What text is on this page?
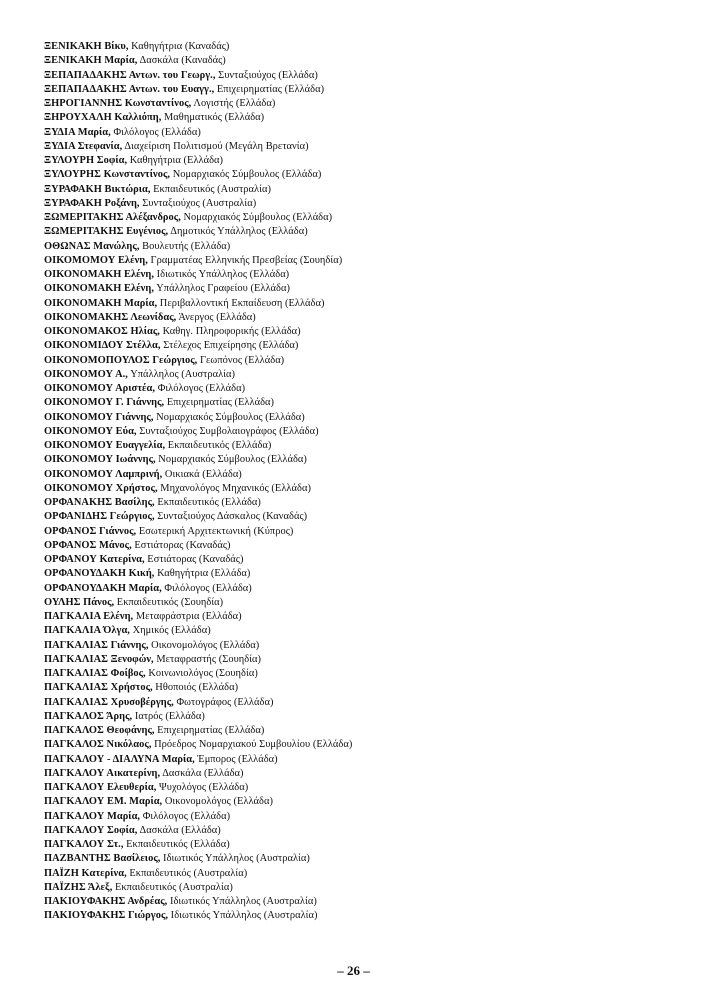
ΞΕΝΙΚΑΚΗ Βίκυ, Καθηγήτρια (Καναδάς)
ΞΕΝΙΚΑΚΗ Μαρία, Δασκάλα (Καναδάς)
ΞΕΠΑΠΑΔΑΚΗΣ Αντων. του Γεωργ., Συνταξιούχος (Ελλάδα)
ΞΕΠΑΠΑΔΑΚΗΣ Αντων. του Ευαγγ., Επιχειρηματίας (Ελλάδα)
ΞΗΡΟΓΙΑΝΝΗΣ Κωνσταντίνος, Λογιστής (Ελλάδα)
ΞΗΡΟΥΧΑΛΗ Καλλιόπη, Μαθηματικός (Ελλάδα)
ΞΥΔΙΑ Μαρία, Φιλόλογος (Ελλάδα)
ΞΥΔΙΑ Στεφανία, Διαχείριση Πολιτισμού (Μεγάλη Βρετανία)
ΞΥΛΟΥΡΗ Σοφία, Καθηγήτρια (Ελλάδα)
ΞΥΛΟΥΡΗΣ Κωνσταντίνος, Νομαρχιακός Σύμβουλος (Ελλάδα)
ΞΥΡΑΦΑΚΗ Βικτώρια, Εκπαιδευτικός (Αυστραλία)
ΞΥΡΑΦΑΚΗ Ροξάνη, Συνταξιούχος (Αυστραλία)
ΞΩΜΕΡΙΤΑΚΗΣ Αλέξανδρος, Νομαρχιακός Σύμβουλος (Ελλάδα)
ΞΩΜΕΡΙΤΑΚΗΣ Ευγένιος, Δημοτικός Υπάλληλος (Ελλάδα)
ΟΘΩΝΑΣ Μανώλης, Βουλευτής (Ελλάδα)
ΟΙΚΟΜΟΜΟΥ Ελένη, Γραμματέας Ελληνικής Πρεσβείας (Σουηδία)
ΟΙΚΟΝΟΜΑΚΗ Ελένη, Ιδιωτικός Υπάλληλος (Ελλάδα)
ΟΙΚΟΝΟΜΑΚΗ Ελένη, Υπάλληλος Γραφείου (Ελλάδα)
ΟΙΚΟΝΟΜΑΚΗ Μαρία, Περιβαλλοντική Εκπαίδευση (Ελλάδα)
ΟΙΚΟΝΟΜΑΚΗΣ Λεωνίδας, Άνεργος (Ελλάδα)
ΟΙΚΟΝΟΜΑΚΟΣ Ηλίας, Καθηγ. Πληροφορικής (Ελλάδα)
ΟΙΚΟΝΟΜΙΔΟΥ Στέλλα, Στέλεχος Επιχείρησης (Ελλάδα)
ΟΙΚΟΝΟΜΟΠΟΥΛΟΣ Γεώργιος, Γεωπόνος (Ελλάδα)
ΟΙΚΟΝΟΜΟΥ Α., Υπάλληλος (Αυστραλία)
ΟΙΚΟΝΟΜΟΥ Αριστέα, Φιλόλογος (Ελλάδα)
ΟΙΚΟΝΟΜΟΥ Γ. Γιάννης, Επιχειρηματίας (Ελλάδα)
ΟΙΚΟΝΟΜΟΥ Γιάννης, Νομαρχιακός Σύμβουλος (Ελλάδα)
ΟΙΚΟΝΟΜΟΥ Εύα, Συνταξιούχος Συμβολαιογράφος (Ελλάδα)
ΟΙΚΟΝΟΜΟΥ Ευαγγελία, Εκπαιδευτικός (Ελλάδα)
ΟΙΚΟΝΟΜΟΥ Ιωάννης, Νομαρχιακός Σύμβουλος (Ελλάδα)
ΟΙΚΟΝΟΜΟΥ Λαμπρινή, Οικιακά (Ελλάδα)
ΟΙΚΟΝΟΜΟΥ Χρήστος, Μηχανολόγος Μηχανικός (Ελλάδα)
ΟΡΦΑΝΑΚΗΣ Βασίλης, Εκπαιδευτικός (Ελλάδα)
ΟΡΦΑΝΙΔΗΣ Γεώργιος, Συνταξιούχος Δάσκαλος (Καναδάς)
ΟΡΦΑΝΟΣ Γιάννος, Εσωτερική Αρχιτεκτωνική (Κύπρος)
ΟΡΦΑΝΟΣ Μάνος, Εστιάτορας (Καναδάς)
ΟΡΦΑΝΟΥ Κατερίνα, Εστιάτορας (Καναδάς)
ΟΡΦΑΝΟΥΔΑΚΗ Κική, Καθηγήτρια (Ελλάδα)
ΟΡΦΑΝΟΥΔΑΚΗ Μαρία, Φιλόλογος (Ελλάδα)
ΟΥΛΗΣ Πάνος, Εκπαιδευτικός (Σουηδία)
ΠΑΓΚΑΛΙΑ Ελένη, Μεταφράστρια (Ελλάδα)
ΠΑΓΚΑΛΙΑ Όλγα, Χημικός (Ελλάδα)
ΠΑΓΚΑΛΙΑΣ Γιάννης, Οικονομολόγος (Ελλάδα)
ΠΑΓΚΑΛΙΑΣ Ξενοφών, Μεταφραστής (Σουηδία)
ΠΑΓΚΑΛΙΑΣ Φοίβος, Κοινωνιολόγος (Σουηδία)
ΠΑΓΚΑΛΙΑΣ Χρήστος, Ηθοποιός (Ελλάδα)
ΠΑΓΚΑΛΙΑΣ Χρυσοβέργης, Φωτογράφος (Ελλάδα)
ΠΑΓΚΑΛΟΣ Άρης, Ιατρός (Ελλάδα)
ΠΑΓΚΑΛΟΣ Θεοφάνης, Επιχειρηματίας (Ελλάδα)
ΠΑΓΚΑΛΟΣ Νικόλαος, Πρόεδρος Νομαρχιακού Συμβουλίου (Ελλάδα)
ΠΑΓΚΑΛΟΥ - ΔΙΑΛΥΝΑ Μαρία, Έμπορος (Ελλάδα)
ΠΑΓΚΑΛΟΥ Αικατερίνη, Δασκάλα (Ελλάδα)
ΠΑΓΚΑΛΟΥ Ελευθερία, Ψυχολόγος (Ελλάδα)
ΠΑΓΚΑΛΟΥ ΕΜ. Μαρία, Οικονομολόγος (Ελλάδα)
ΠΑΓΚΑΛΟΥ Μαρία, Φιλόλογος (Ελλάδα)
ΠΑΓΚΑΛΟΥ Σοφία, Δασκάλα (Ελλάδα)
ΠΑΓΚΑΛΟΥ Στ., Εκπαιδευτικός (Ελλάδα)
ΠΑΖΒΑΝΤΗΣ Βασίλειος, Ιδιωτικός Υπάλληλος (Αυστραλία)
ΠΑΪΖΗ Κατερίνα, Εκπαιδευτικός (Αυστραλία)
ΠΑΪΖΗΣ Άλεξ, Εκπαιδευτικός (Αυστραλία)
ΠΑΚΙΟΥΦΑΚΗΣ Ανδρέας, Ιδιωτικός Υπάλληλος (Αυστραλία)
ΠΑΚΙΟΥΦΑΚΗΣ Γιώργος, Ιδιωτικός Υπάλληλος (Αυστραλία)
– 26 –
